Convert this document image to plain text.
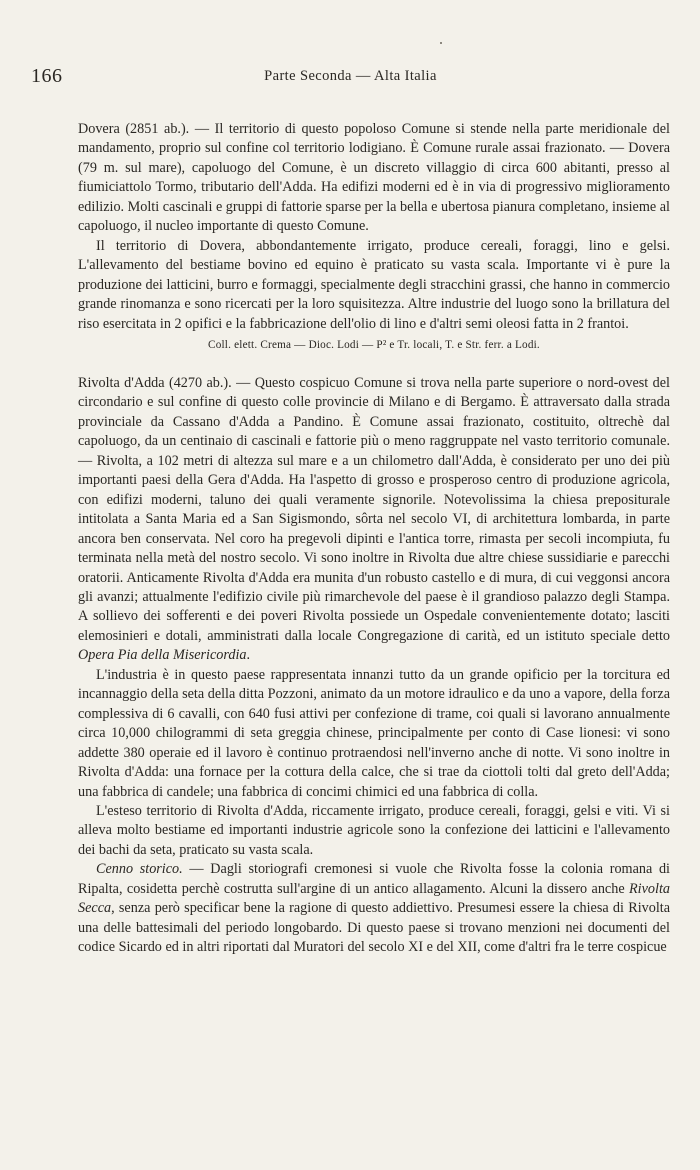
166	Parte Seconda — Alta Italia

Dovera (2851 ab.). — Il territorio di questo popoloso Comune si stende nella parte meridionale del mandamento, proprio sul confine col territorio lodigiano. È Comune rurale assai frazionato. — Dovera (79 m. sul mare), capoluogo del Comune, è un discreto villaggio di circa 600 abitanti, presso al fiumiciattolo Tormo, tributario dell'Adda. Ha edifizi moderni ed è in via di progressivo miglioramento edilizio. Molti cascinali e gruppi di fattorie sparse per la bella e ubertosa pianura completano, insieme al capoluogo, il nucleo importante di questo Comune.

Il territorio di Dovera, abbondantemente irrigato, produce cereali, foraggi, lino e gelsi. L'allevamento del bestiame bovino ed equino è praticato su vasta scala. Importante vi è pure la produzione dei latticini, burro e formaggi, specialmente degli stracchini grassi, che hanno in commercio grande rinomanza e sono ricercati per la loro squisitezza. Altre industrie del luogo sono la brillatura del riso esercitata in 2 opifici e la fabbricazione dell'olio di lino e d'altri semi oleosi fatta in 2 frantoi.

Coll. elett. Crema — Dioc. Lodi — P² e Tr. locali, T. e Str. ferr. a Lodi.

Rivolta d'Adda (4270 ab.). — Questo cospicuo Comune si trova nella parte superiore o nord-ovest del circondario e sul confine di questo colle provincie di Milano e di Bergamo. È attraversato dalla strada provinciale da Cassano d'Adda a Pandino. È Comune assai frazionato, costituito, oltrechè dal capoluogo, da un centinaio di cascinali e fattorie più o meno raggruppate nel vasto territorio comunale. — Rivolta, a 102 metri di altezza sul mare e a un chilometro dall'Adda, è considerato per uno dei più importanti paesi della Gera d'Adda. Ha l'aspetto di grosso e prosperoso centro di produzione agricola, con edifizi moderni, taluno dei quali veramente signorile. Notevolissima la chiesa prepositurale intitolata a Santa Maria ed a San Sigismondo, sôrta nel secolo VI, di architettura lombarda, in parte ancora ben conservata. Nel coro ha pregevoli dipinti e l'antica torre, rimasta per secoli incompiuta, fu terminata nella metà del nostro secolo. Vi sono inoltre in Rivolta due altre chiese sussidiarie e parecchi oratorii. Anticamente Rivolta d'Adda era munita d'un robusto castello e di mura, di cui veggonsi ancora gli avanzi; attualmente l'edifizio civile più rimarchevole del paese è il grandioso palazzo degli Stampa. A sollievo dei sofferenti e dei poveri Rivolta possiede un Ospedale convenientemente dotato; lasciti elemosinieri e dotali, amministrati dalla locale Congregazione di carità, ed un istituto speciale detto Opera Pia della Misericordia.

L'industria è in questo paese rappresentata innanzi tutto da un grande opificio per la torcitura ed incannaggio della seta della ditta Pozzoni, animato da un motore idraulico e da uno a vapore, della forza complessiva di 6 cavalli, con 640 fusi attivi per confezione di trame, coi quali si lavorano annualmente circa 10,000 chilogrammi di seta greggia chinese, principalmente per conto di Case lionesi: vi sono addette 380 operaie ed il lavoro è continuo protraendosi nell'inverno anche di notte. Vi sono inoltre in Rivolta d'Adda: una fornace per la cottura della calce, che si trae da ciottoli tolti dal greto dell'Adda; una fabbrica di candele; una fabbrica di concimi chimici ed una fabbrica di colla.

L'esteso territorio di Rivolta d'Adda, riccamente irrigato, produce cereali, foraggi, gelsi e viti. Vi si alleva molto bestiame ed importanti industrie agricole sono la confezione dei latticini e l'allevamento dei bachi da seta, praticato su vasta scala.

Cenno storico. — Dagli storiografi cremonesi si vuole che Rivolta fosse la colonia romana di Ripalta, cosidetta perchè costrutta sull'argine di un antico allagamento. Alcuni la dissero anche Rivolta Secca, senza però specificar bene la ragione di questo addiettivo. Presumesi essere la chiesa di Rivolta una delle battesimali del periodo longobardo. Di questo paese si trovano menzioni nei documenti del codice Sicardo ed in altri riportati dal Muratori del secolo XI e del XII, come d'altri fra le terre cospicue
